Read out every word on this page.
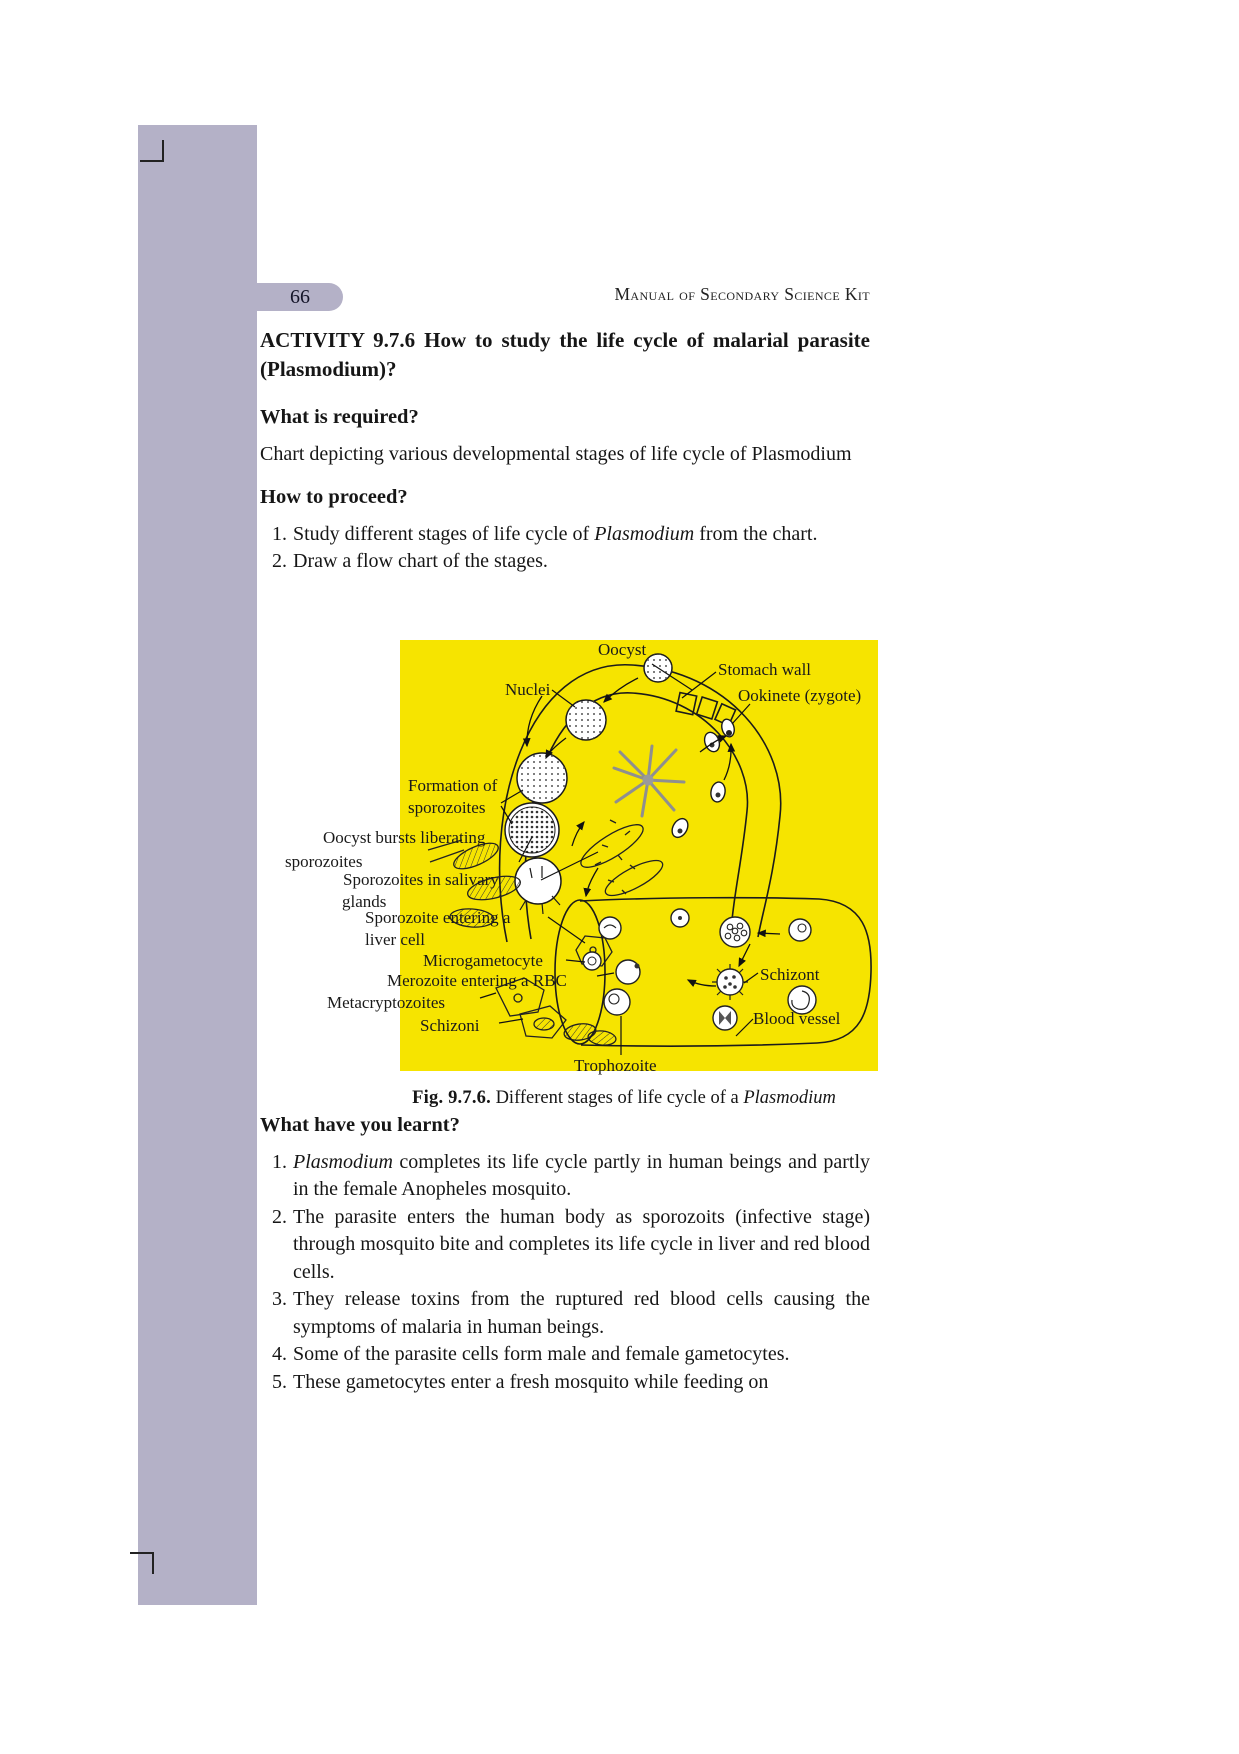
66	Manual of Secondary Science Kit
ACTIVITY 9.7.6 How to study the life cycle of malarial parasite (Plasmodium)?
What is required?

Chart depicting various developmental stages of life cycle of Plasmodium

How to proceed?
1. Study different stages of life cycle of Plasmodium from the chart.
2. Draw a flow chart of the stages.
Oocyst
Stomach wall
Nuclei	Ookinete (zygote)
Formation of
sporozoites
Oocyst bursts liberating
sporozoites
Sporozoites in salivary
glands
Sporozoite entering a
liver cell
Microgametocyte
Merozoite entering a RBC
Metacryptozoites
Schizoni
Schizont
Blood vessel
Trophozoite

Fig. 9.7.6. Different stages of life cycle of a Plasmodium

What have you learnt?
1. Plasmodium completes its life cycle partly in human beings and partly in the female Anopheles mosquito.
2. The parasite enters the human body as sporozoits (infective stage) through mosquito bite and completes its life cycle in liver and red blood cells.
3. They release toxins from the ruptured red blood cells causing the symptoms of malaria in human beings.
4. Some of the parasite cells form male and female gametocytes.
5. These gametocytes enter a fresh mosquito while feeding on
